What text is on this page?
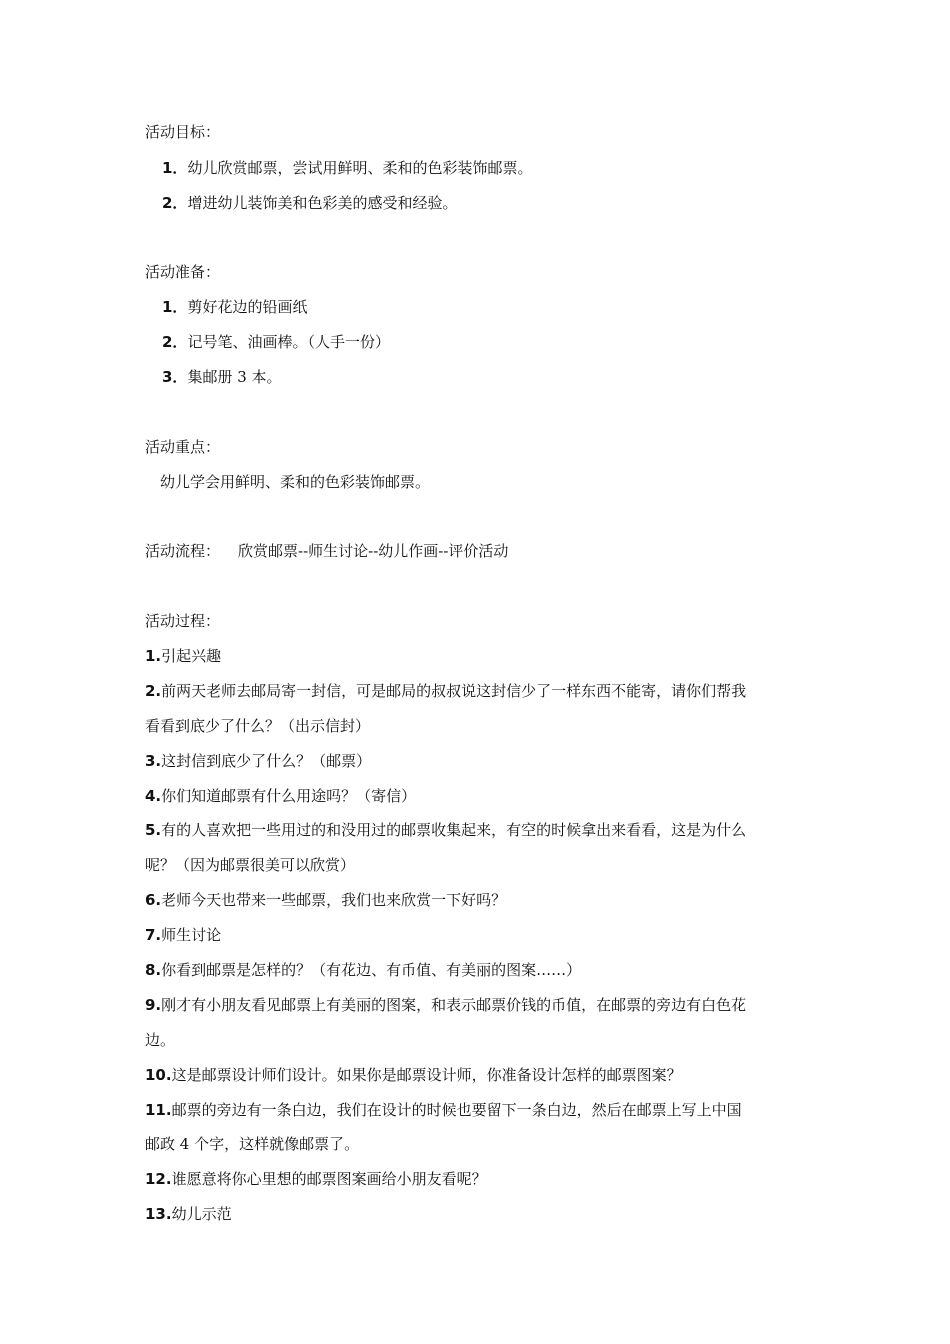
活动目标：
1．幼儿欣赏邮票，尝试用鲜明、柔和的色彩装饰邮票。
2．增进幼儿装饰美和色彩美的感受和经验。
活动准备：
1．剪好花边的铅画纸
2．记号笔、油画棒。（人手一份）
3．集邮册 3 本。
活动重点：
幼儿学会用鲜明、柔和的色彩装饰邮票。
活动流程： 欣赏邮票--师生讨论--幼儿作画--评价活动
活动过程：
1.引起兴趣
2.前两天老师去邮局寄一封信，可是邮局的叔叔说这封信少了一样东西不能寄，请你们帮我
看看到底少了什么？（出示信封）
3.这封信到底少了什么？（邮票）
4.你们知道邮票有什么用途吗？（寄信）
5.有的人喜欢把一些用过的和没用过的邮票收集起来，有空的时候拿出来看看，这是为什么
呢？（因为邮票很美可以欣赏）
6.老师今天也带来一些邮票，我们也来欣赏一下好吗？
7.师生讨论
8.你看到邮票是怎样的？（有花边、有币值、有美丽的图案……）
9.刚才有小朋友看见邮票上有美丽的图案，和表示邮票价钱的币值，在邮票的旁边有白色花
边。
10.这是邮票设计师们设计。如果你是邮票设计师，你准备设计怎样的邮票图案？
11.邮票的旁边有一条白边，我们在设计的时候也要留下一条白边，然后在邮票上写上中国
邮政 4 个字，这样就像邮票了。
12.谁愿意将你心里想的邮票图案画给小朋友看呢？
13.幼儿示范
